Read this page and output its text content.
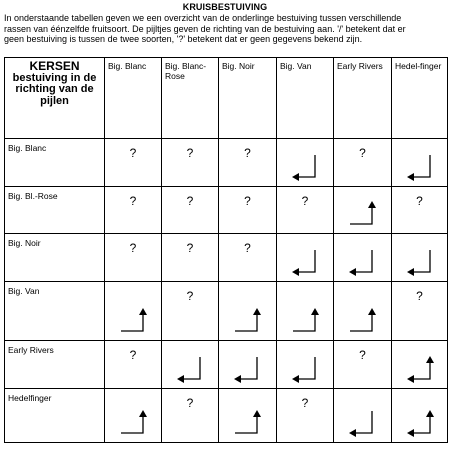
KRUISBESTUIVING
In onderstaande tabellen geven we een overzicht van de onderlinge bestuiving tussen verschillende
rassen van éénzelfde fruitsoort. De pijltjes geven de richting van de bestuiving aan. '/' betekent dat er
geen bestuiving is tussen de twee soorten, '?' betekent dat er geen gegevens bekend zijn.
KERSEN
bestuiving in de richting van de pijlen	Big. Blanc	Big. Blanc-Rose	Big. Noir	Big. Van	Early Rivers	Hedel-finger
Big. Blanc	?	?	?		?

Big. Bl.-Rose	?	?	?	?		?

Big. Noir	?	?	?

Big. Van		?				?

Early Rivers	?				?

Hedelfinger		?		?
